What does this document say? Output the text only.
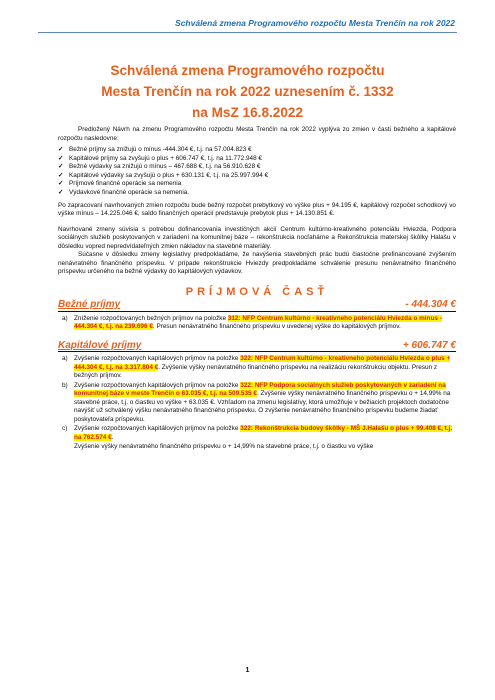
Schválená zmena Programového rozpočtu Mesta Trenčín na rok 2022
Schválená zmena Programového rozpočtu
Mesta Trenčín na rok 2022 uznesením č. 1332
na MsZ 16.8.2022

Predložený Návrh na zmenu Programového rozpočtu Mesta Trenčín na rok 2022 vyplýva zo zmien v časti bežného a kapitálové rozpočtu nasledovne:

✓ Bežné príjmy sa znižujú o mínus -444.304 €, t.j. na 57.004.823 €
✓ Kapitálové príjmy sa zvyšujú o plus + 606.747 €, t.j. na 11.772.948 €
✓ Bežné výdavky sa znižujú o mínus – 467.688 €, t.j. na 56.910.628 €
✓ Kapitálové výdavky sa zvyšujú o plus + 630.131 €, t.j. na 25.997.994 €
✓ Príjmové finančné operácie sa nemenia
✓ Výdavkové finančné operácie sa nemenia.

Po zapracovaní navrhovaných zmien rozpočtu bude bežný rozpočet prebytkový vo výške plus + 94.195 €, kapitálový rozpočet schodkový vo výške mínus – 14.225.046 €, saldo finančných operácií predstavuje prebytok plus + 14.130.851 €.

Navrhované zmeny súvisia s potrebou dofinancovania investičných akcií Centrum kultúrno-kreativného potenciálu Hviezda, Podpora sociálnych služieb poskytovaných v zariadení na komunitnej báze – rekonštrukcia nocľahárne a Rekonštrukcia materskej škôlky Halašu v dôsledku vopred nepredvídateľných zmien nákladov na stavebné materiály.

Súčasne v dôsledku zmeny legislatívy predpokladáme, že navýšenia stavebných prác budú čiastočne prefinancované zvýšením nenávratného finančného príspevku. V prípade rekonštrukcie Hviezdy predpokladáme schválenie presunu nenávratného finančného príspevku určeného na bežné výdavky do kapitálových výdavkov.

PRÍJMOVÁ ČASŤ
Bežné príjmy	- 444.304 €
a) Zníženie rozpočtovaných bežných príjmov na položke 312: NFP Centrum kultúrno - kreativneho potenciálu Hviezda o mínus - 444.304 €, t.j. na 239.696 €. Presun nenávratného finančného príspevku v uvedenej výške do kapitálových príjmov.
Kapitálové príjmy	+ 606.747 €
a) Zvýšenie rozpočtovaných kapitálových príjmov na položke 322: NFP Centrum kultúrno - kreativneho potenciálu Hviezda o plus + 444.304 €, t.j. na 3.317.804 €. Zvýšenie výšky nenávratného finančného príspevku na realizáciu rekonštrukciu objektu. Presun z bežných príjmov.
b) Zvýšenie rozpočtovaných kapitálových príjmov na položke 322: NFP Podpora sociálnych služieb poskytovaných v zariadení na komunitnej báze v meste Trenčín o 63.035 €, t.j. na 509.535 €. Zvýšenie výšky nenávratného finančného príspevku o + 14,99% na stavebné práce, t.j. o čiastku vo výške + 63.035 €. Vzhľadom na zmenu legislatívy, ktorá umožňuje v bežiacich projektoch dodatočne navýšiť už schválený výšku nenávratného finančného príspevku. O zvýšenie nenávratného finančného príspevku budeme žiadať poskytovateľa príspevku.
c) Zvýšenie rozpočtovaných kapitálových príjmov na položke 322: Rekonštrukcia budovy škôlky - MŠ J.Halašu o plus + 99.408 €, t.j. na 762.574 €.

Zvýšenie výšky nenávratného finančného príspevku o + 14,99% na stavebné práce, t.j. o čiastku vo výške

1
